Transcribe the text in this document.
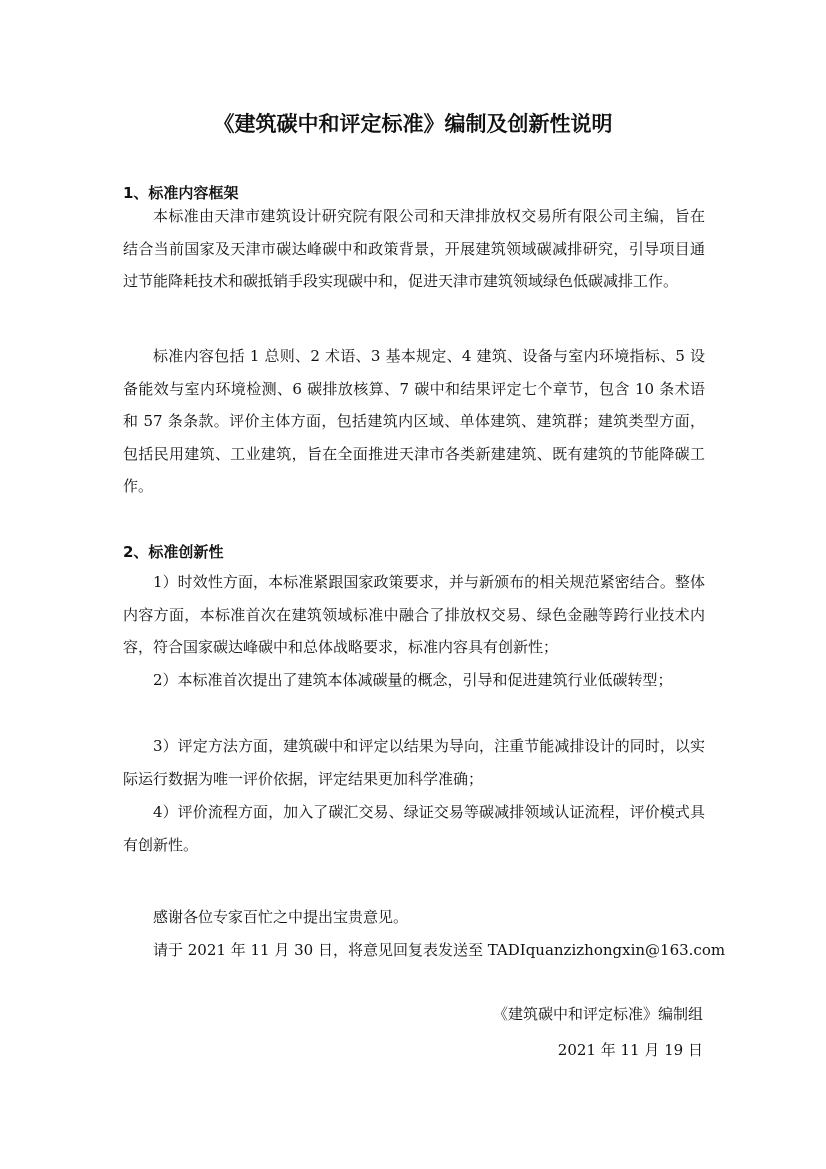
《建筑碳中和评定标准》编制及创新性说明
1、标准内容框架
本标准由天津市建筑设计研究院有限公司和天津排放权交易所有限公司主编，旨在结合当前国家及天津市碳达峰碳中和政策背景，开展建筑领域碳减排研究，引导项目通过节能降耗技术和碳抵销手段实现碳中和，促进天津市建筑领域绿色低碳减排工作。
标准内容包括 1 总则、2 术语、3 基本规定、4 建筑、设备与室内环境指标、5 设备能效与室内环境检测、6 碳排放核算、7 碳中和结果评定七个章节，包含 10 条术语和 57 条条款。评价主体方面，包括建筑内区域、单体建筑、建筑群；建筑类型方面，包括民用建筑、工业建筑，旨在全面推进天津市各类新建建筑、既有建筑的节能降碳工作。
2、标准创新性
1）时效性方面，本标准紧跟国家政策要求，并与新颁布的相关规范紧密结合。整体内容方面，本标准首次在建筑领域标准中融合了排放权交易、绿色金融等跨行业技术内容，符合国家碳达峰碳中和总体战略要求，标准内容具有创新性；
2）本标准首次提出了建筑本体减碳量的概念，引导和促进建筑行业低碳转型；
3）评定方法方面，建筑碳中和评定以结果为导向，注重节能减排设计的同时，以实际运行数据为唯一评价依据，评定结果更加科学准确；
4）评价流程方面，加入了碳汇交易、绿证交易等碳减排领域认证流程，评价模式具有创新性。
感谢各位专家百忙之中提出宝贵意见。
请于 2021 年 11 月 30 日，将意见回复表发送至 TADIquanzizhongxin@163.com
《建筑碳中和评定标准》编制组
2021 年 11 月 19 日
